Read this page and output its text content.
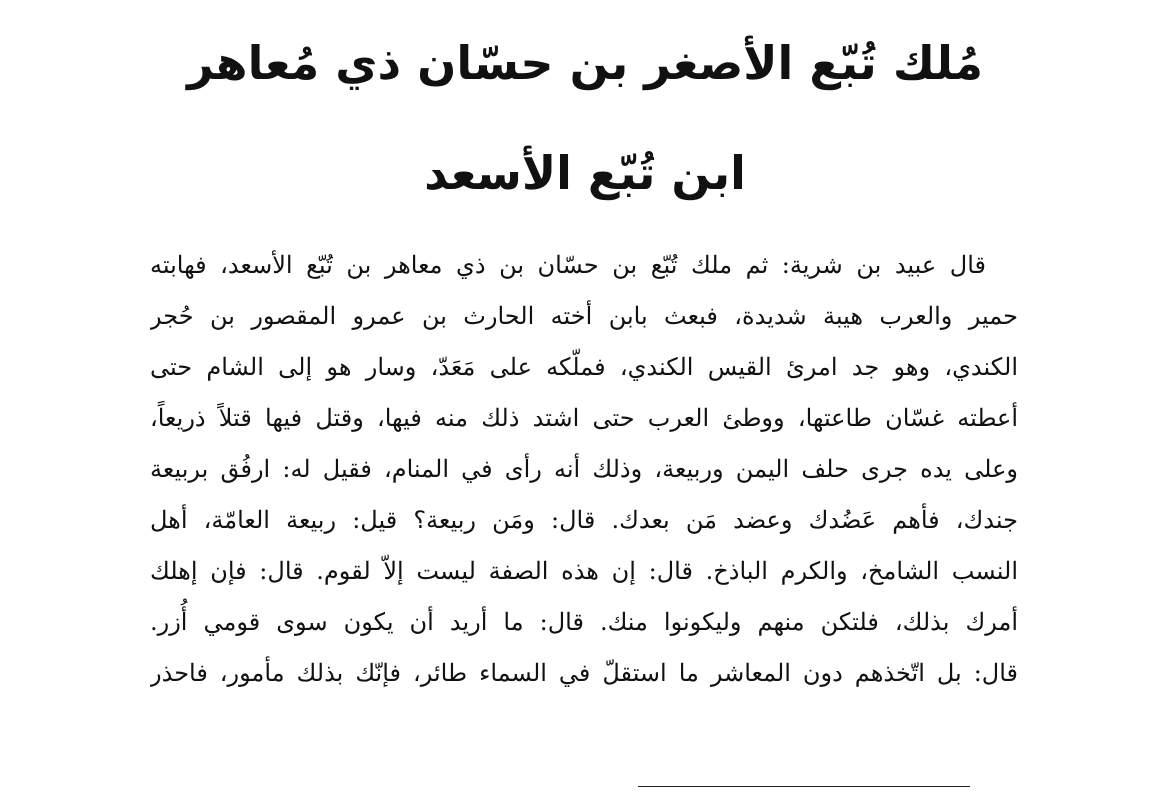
مُلك تُبّع الأصغر بن حسّان ذي مُعاهر
ابن تُبّع الأسعد
قال عبيد بن شرية: ثم ملك تُبّع بن حسّان بن ذي معاهر بن تُبّع الأسعد، فهابته
حمير والعرب هيبة شديدة، فبعث بابن أخته الحارث بن عمرو المقصور بن حُجر
الكندي، وهو جد امرئ القيس الكندي، فملّكه على مَعَدّ، وسار هو إلى الشام حتى
أعطته غسّان طاعتها، ووطئ العرب حتى اشتد ذلك منه فيها، وقتل فيها قتلاً ذريعاً،
وعلى يده جرى حلف اليمن وربيعة، وذلك أنه رأى في المنام، فقيل له: ارفُق بربيعة
جندك، فأهم عَضُدك وعضد مَن بعدك. قال: ومَن ربيعة؟ قيل: ربيعة العامّة، أهل
النسب الشامخ، والكرم الباذخ. قال: إن هذه الصفة ليست إلاّ لقوم. قال: فإن إهلك
أمرك بذلك، فلتكن منهم وليكونوا منك. قال: ما أريد أن يكون سوى قومي أُزر.
قال: بل اتّخذهم دون المعاشر ما استقلّ في السماء طائر، فإنّك بذلك مأمور، فاحذر
